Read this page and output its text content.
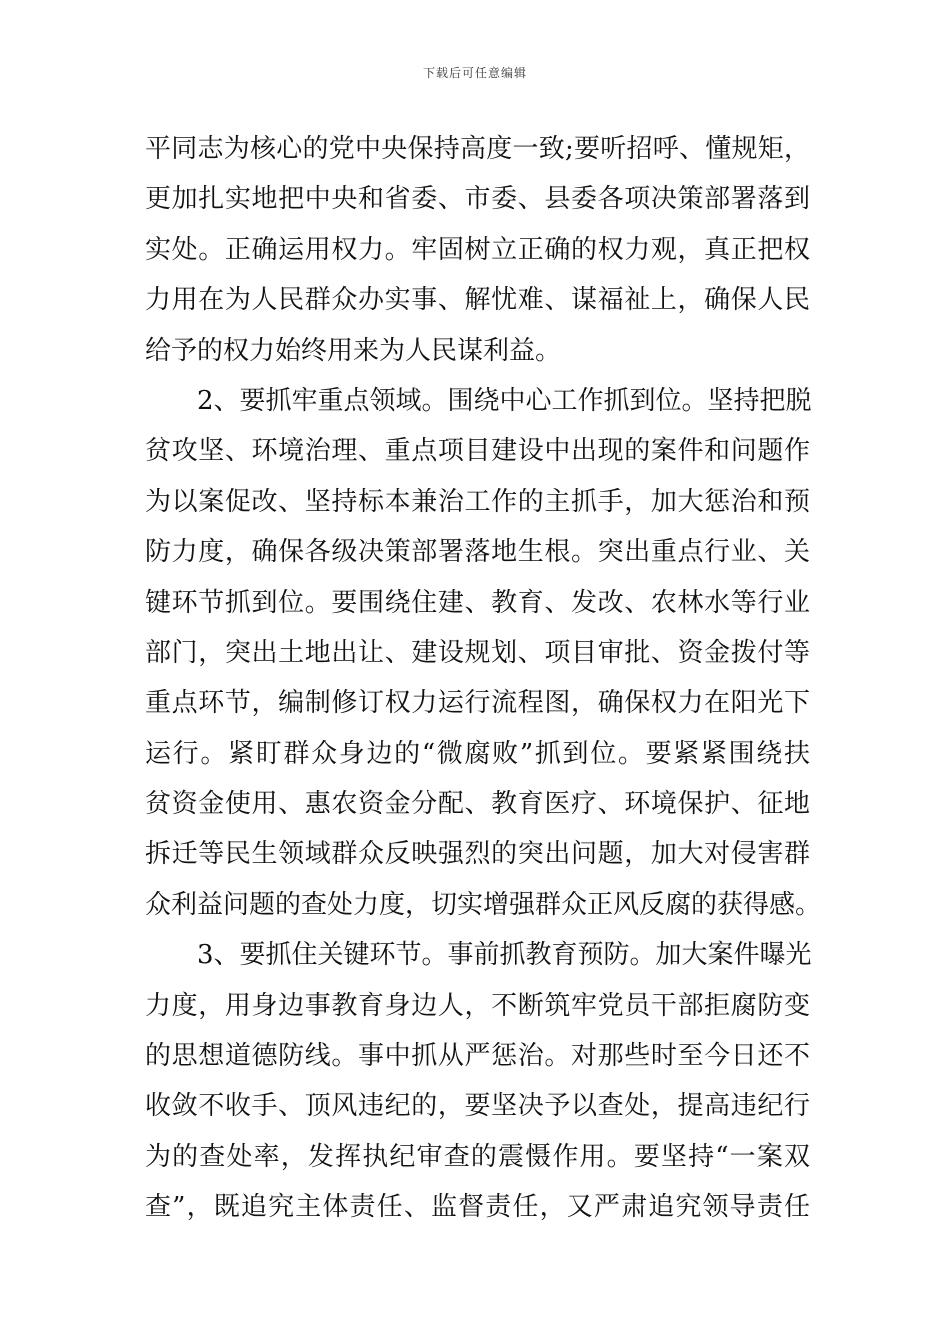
下载后可任意编辑
平同志为核心的党中央保持高度一致;要听招呼、懂规矩，
更加扎实地把中央和省委、市委、县委各项决策部署落到
实处。正确运用权力。牢固树立正确的权力观，真正把权
力用在为人民群众办实事、解忧难、谋福祉上，确保人民
给予的权力始终用来为人民谋利益。
2、要抓牢重点领域。围绕中心工作抓到位。坚持把脱
贫攻坚、环境治理、重点项目建设中出现的案件和问题作
为以案促改、坚持标本兼治工作的主抓手，加大惩治和预
防力度，确保各级决策部署落地生根。突出重点行业、关
键环节抓到位。要围绕住建、教育、发改、农林水等行业
部门，突出土地出让、建设规划、项目审批、资金拨付等
重点环节，编制修订权力运行流程图，确保权力在阳光下
运行。紧盯群众身边的“微腐败”抓到位。要紧紧围绕扶
贫资金使用、惠农资金分配、教育医疗、环境保护、征地
拆迁等民生领域群众反映强烈的突出问题，加大对侵害群
众利益问题的查处力度，切实增强群众正风反腐的获得感。
3、要抓住关键环节。事前抓教育预防。加大案件曝光
力度，用身边事教育身边人，不断筑牢党员干部拒腐防变
的思想道德防线。事中抓从严惩治。对那些时至今日还不
收敛不收手、顶风违纪的，要坚决予以查处，提高违纪行
为的查处率，发挥执纪审查的震慑作用。要坚持“一案双
查”，既追究主体责任、监督责任，又严肃追究领导责任
